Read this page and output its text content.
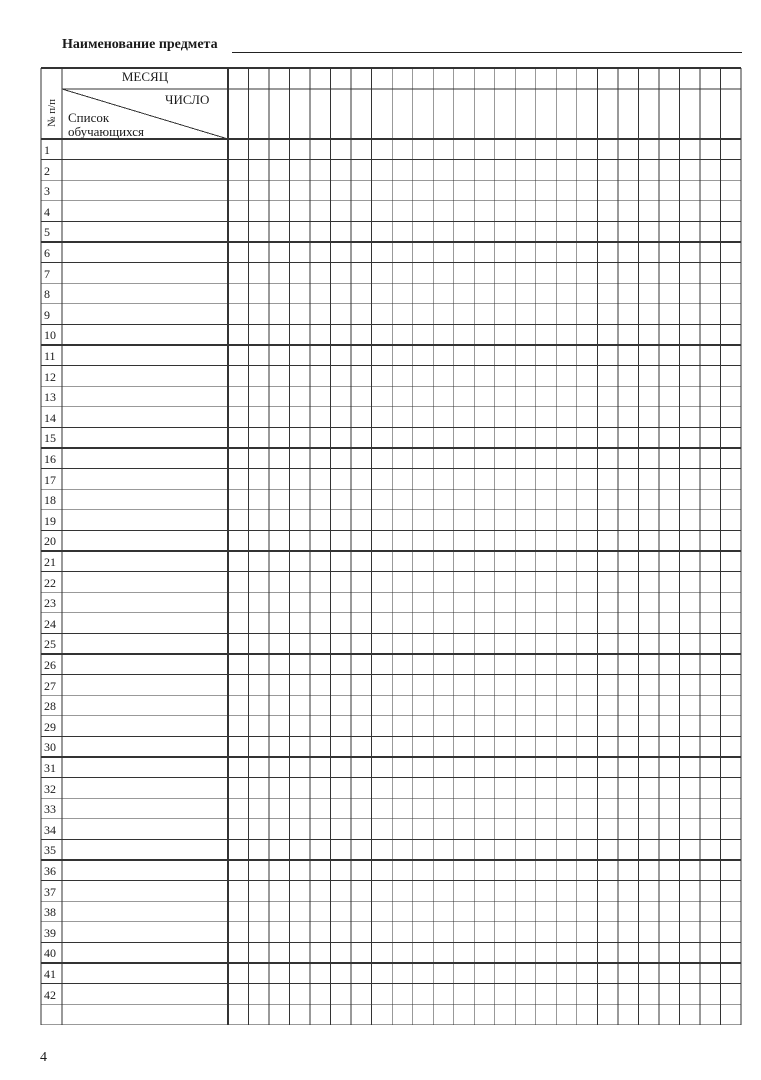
Наименование предмета
МЕСЯЦ
ЧИСЛО
Список обучающихся
№ п/п
1
2
3
4
5
6
7
8
9
10
11
12
13
14
15
16
17
18
19
20
21
22
23
24
25
26
27
28
29
30
31
32
33
34
35
36
37
38
39
40
41
42
4
